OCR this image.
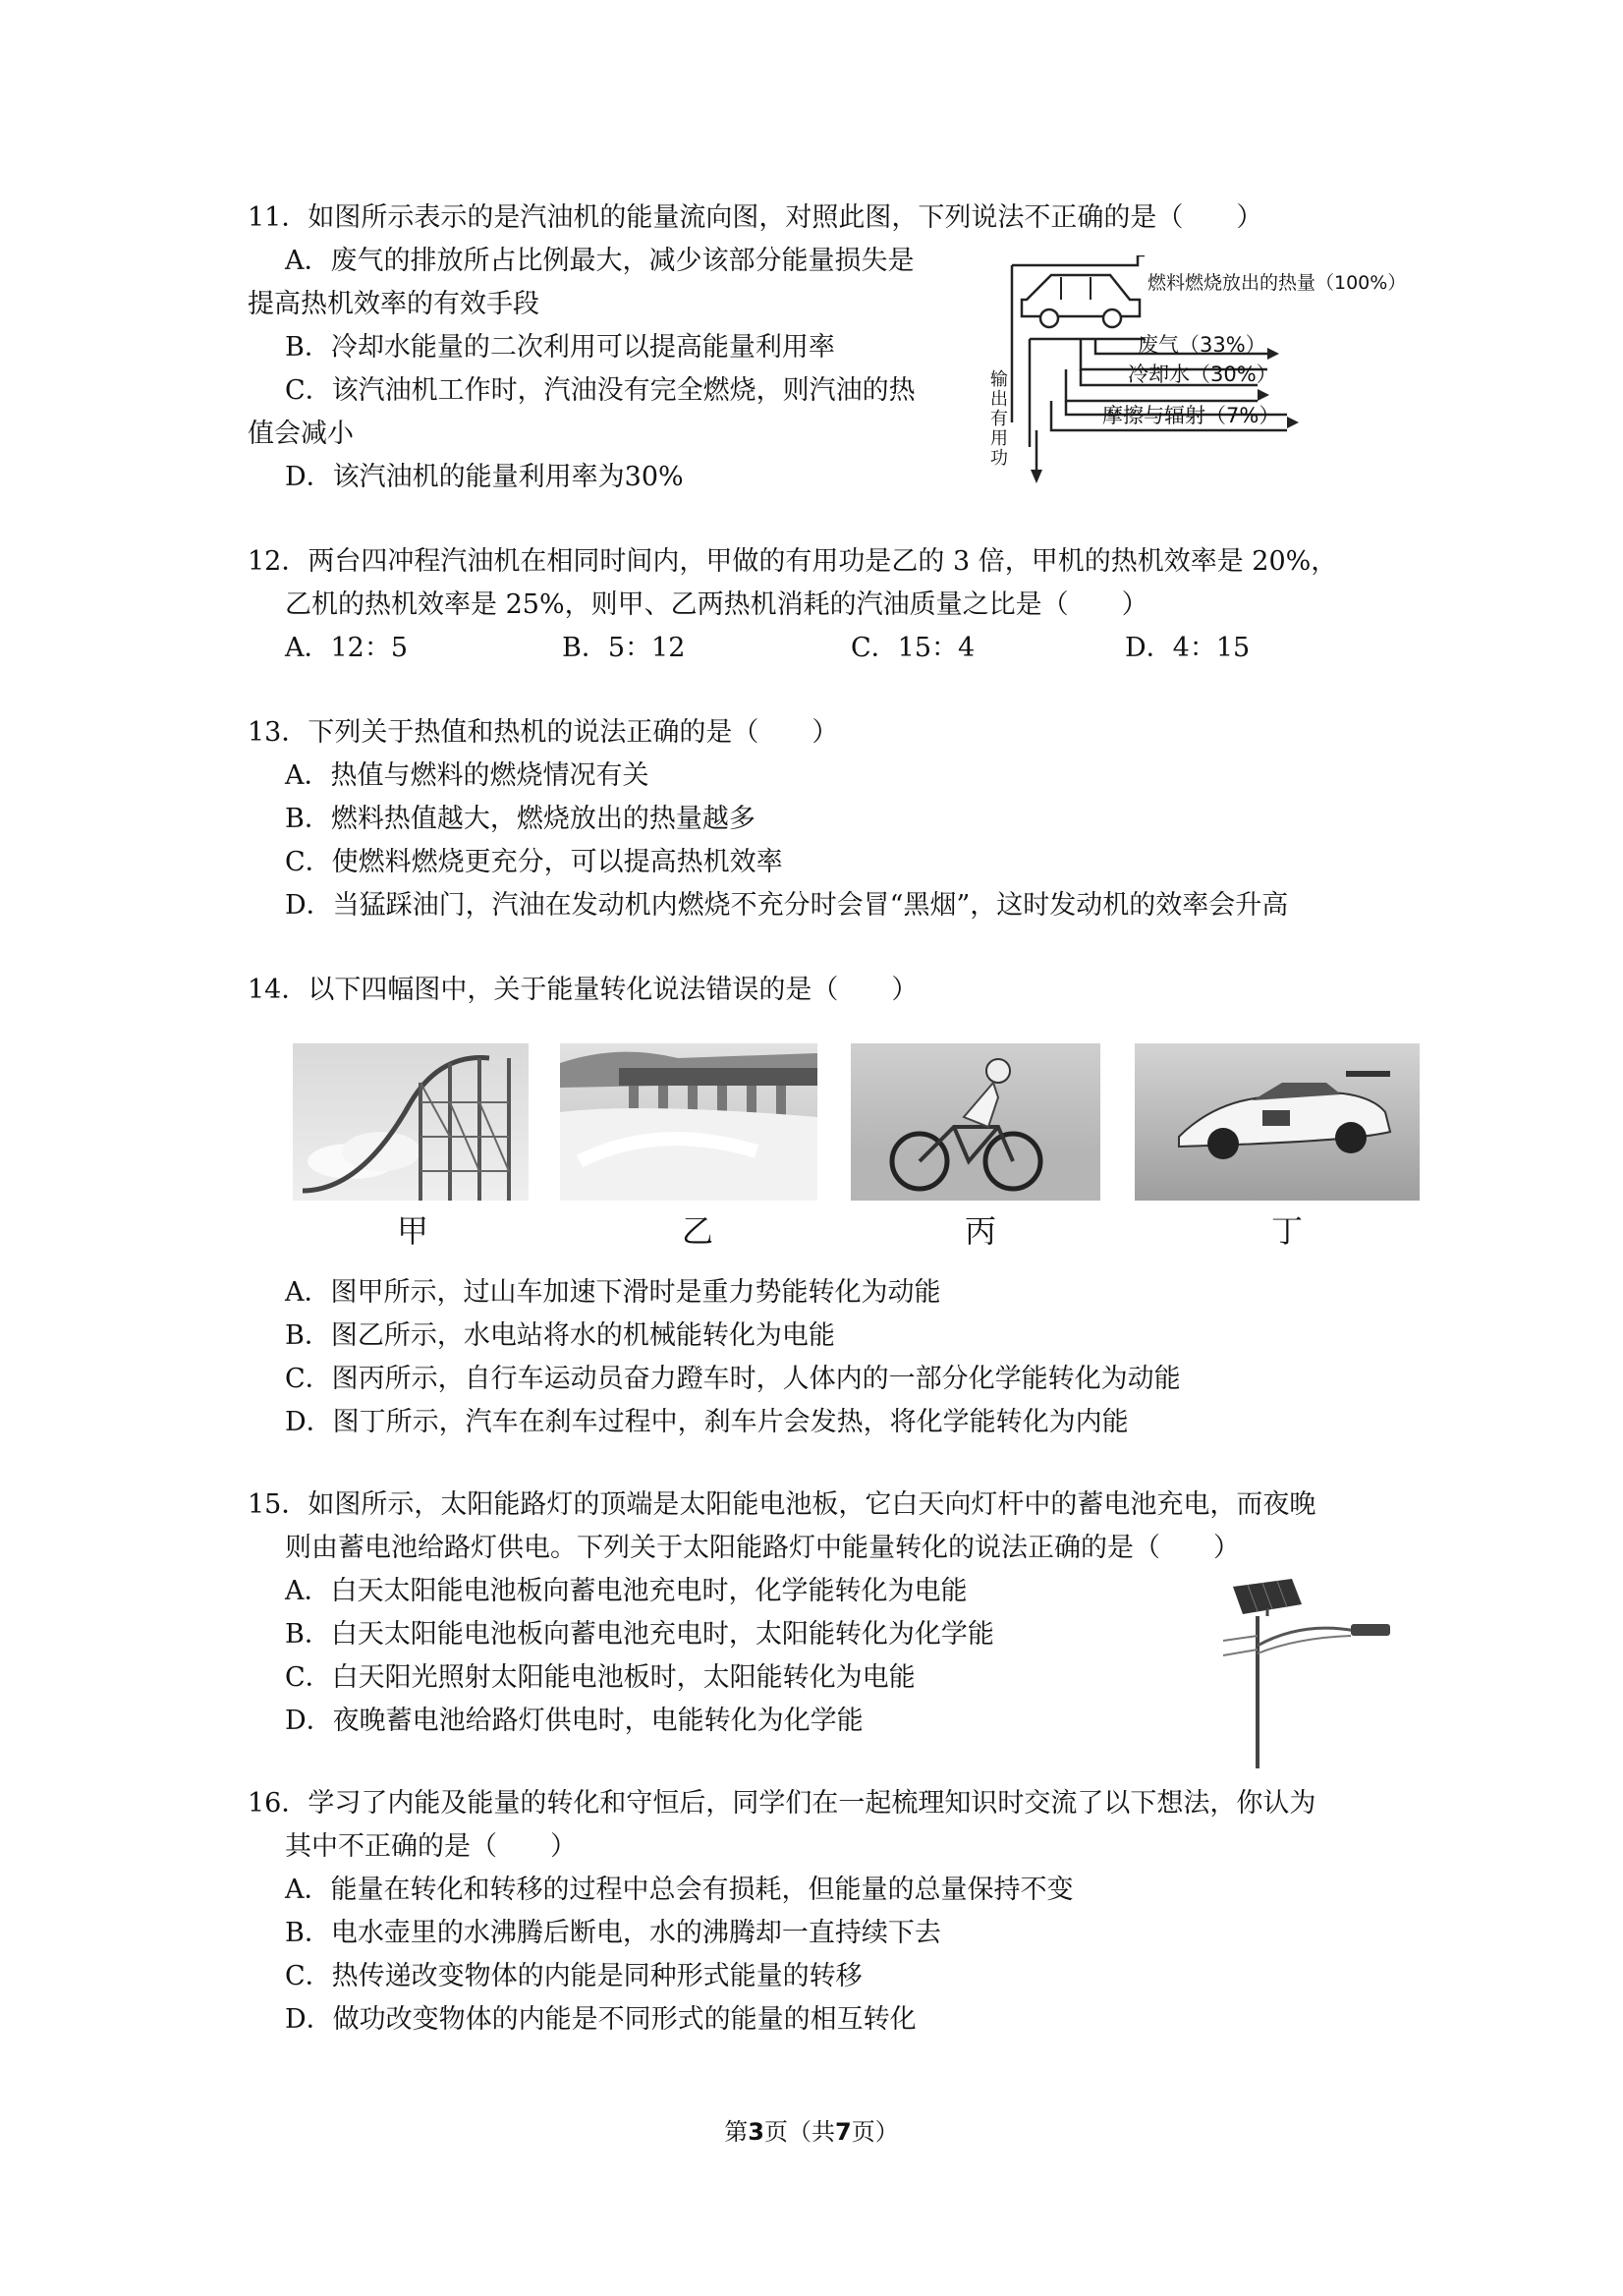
11．如图所示表示的是汽油机的能量流向图，对照此图，下列说法不正确的是（　　）
A．废气的排放所占比例最大，减少该部分能量损失是
提高热机效率的有效手段
B．冷却水能量的二次利用可以提高能量利用率
C．该汽油机工作时，汽油没有完全燃烧，则汽油的热
值会减小
D．该汽油机的能量利用率为30%
燃料燃烧放出的热量（100%）
废气（33%）
冷却水（30%）
摩擦与辐射（7%）
输
出
有
用
功
12．两台四冲程汽油机在相同时间内，甲做的有用功是乙的 3 倍，甲机的热机效率是 20%，
乙机的热机效率是 25%，则甲、乙两热机消耗的汽油质量之比是（　　）
A．12：5	B．5：12	C．15：4	D．4：15
13．下列关于热值和热机的说法正确的是（　　）
A．热值与燃料的燃烧情况有关
B．燃料热值越大，燃烧放出的热量越多
C．使燃料燃烧更充分，可以提高热机效率
D．当猛踩油门，汽油在发动机内燃烧不充分时会冒“黑烟”，这时发动机的效率会升高
14．以下四幅图中，关于能量转化说法错误的是（　　）
甲	乙	丙	丁
A．图甲所示，过山车加速下滑时是重力势能转化为动能
B．图乙所示，水电站将水的机械能转化为电能
C．图丙所示，自行车运动员奋力蹬车时，人体内的一部分化学能转化为动能
D．图丁所示，汽车在刹车过程中，刹车片会发热，将化学能转化为内能
15．如图所示，太阳能路灯的顶端是太阳能电池板，它白天向灯杆中的蓄电池充电，而夜晚
则由蓄电池给路灯供电。下列关于太阳能路灯中能量转化的说法正确的是（　　）
A．白天太阳能电池板向蓄电池充电时，化学能转化为电能
B．白天太阳能电池板向蓄电池充电时，太阳能转化为化学能
C．白天阳光照射太阳能电池板时，太阳能转化为电能
D．夜晚蓄电池给路灯供电时，电能转化为化学能
16．学习了内能及能量的转化和守恒后，同学们在一起梳理知识时交流了以下想法，你认为
其中不正确的是（　　）
A．能量在转化和转移的过程中总会有损耗，但能量的总量保持不变
B．电水壶里的水沸腾后断电，水的沸腾却一直持续下去
C．热传递改变物体的内能是同种形式能量的转移
D．做功改变物体的内能是不同形式的能量的相互转化
第3页（共7页）
